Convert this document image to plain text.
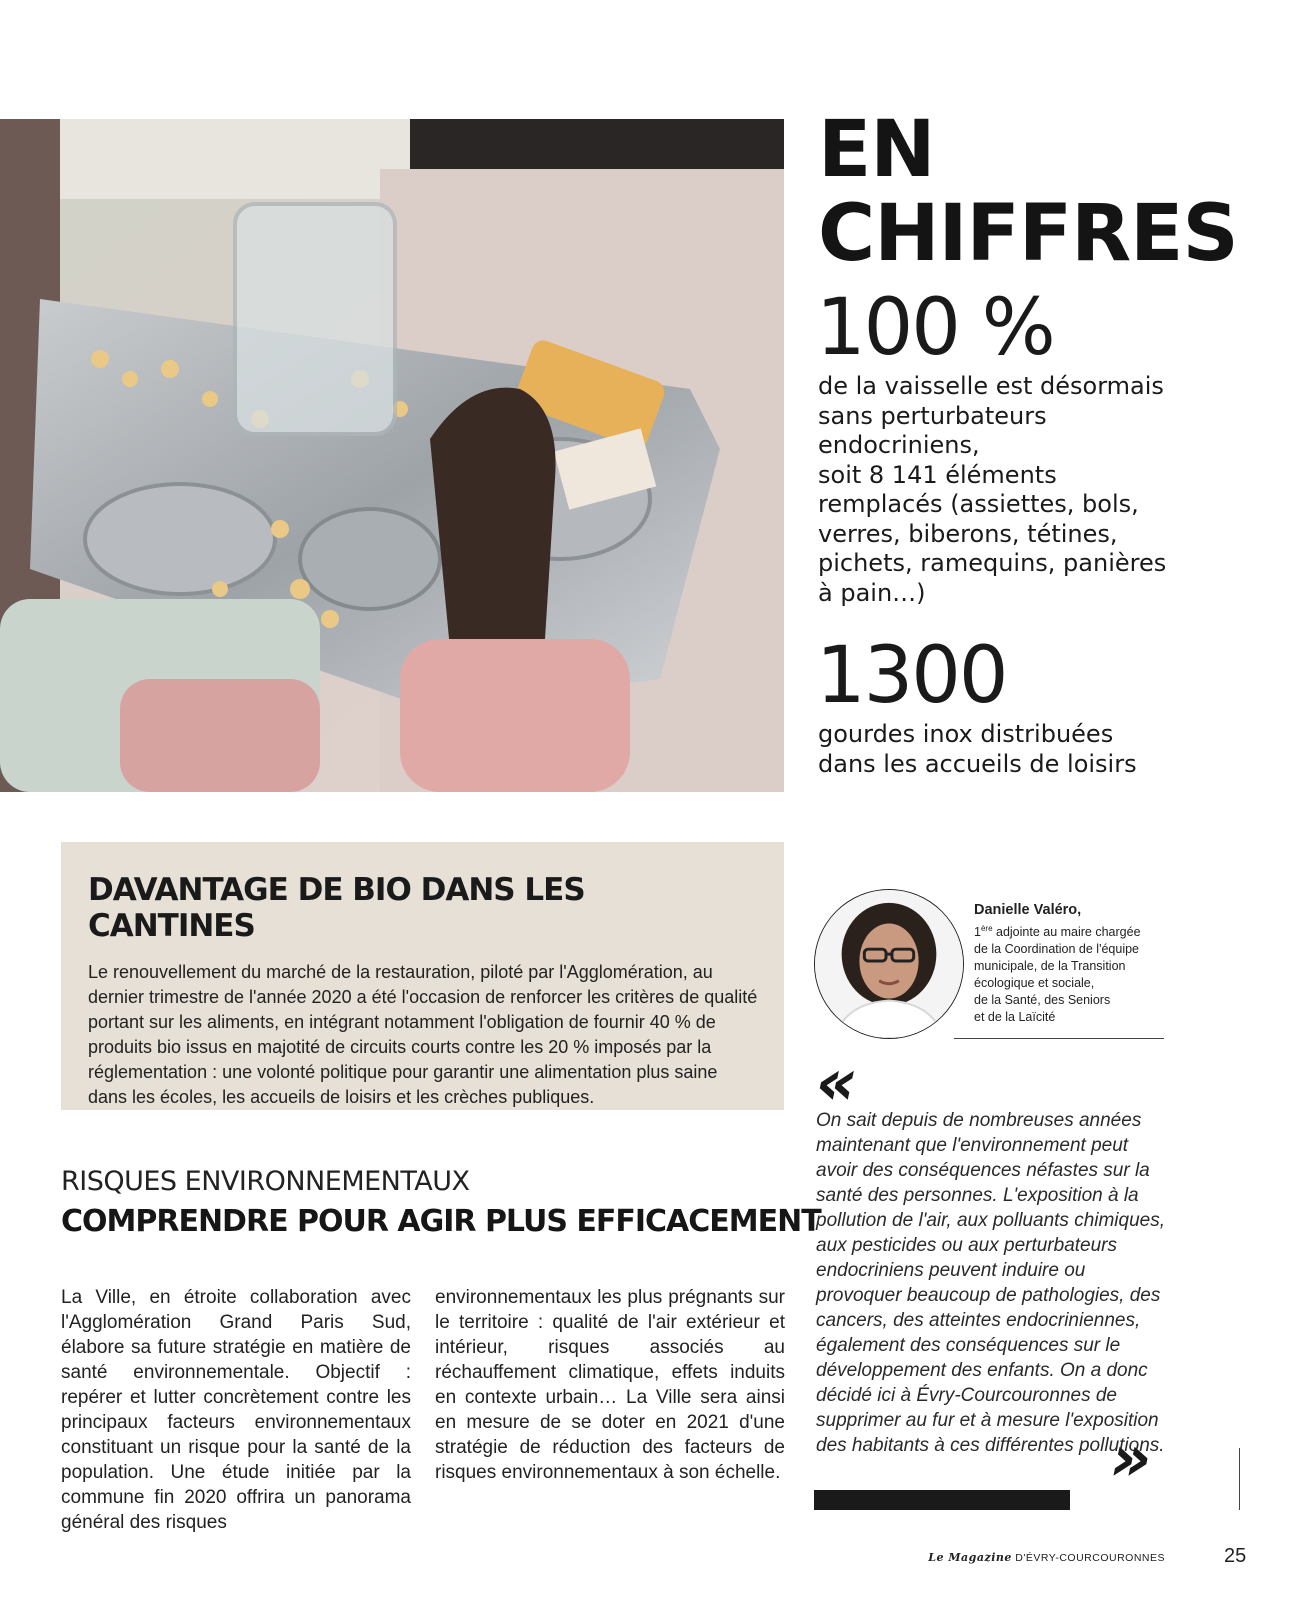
EN
CHIFFRES

100 %

de la vaisselle est désormais
sans perturbateurs
endocriniens,
soit 8 141 éléments
remplacés (assiettes, bols,
verres, biberons, tétines,
pichets, ramequins, panières
à pain…)

1300

gourdes inox distribuées
dans les accueils de loisirs
DAVANTAGE DE BIO DANS LES CANTINES

Le renouvellement du marché de la restauration, piloté par l'Agglomération, au dernier trimestre de l'année 2020 a été l'occasion de renforcer les critères de qualité portant sur les aliments, en intégrant notamment l'obligation de fournir 40 % de produits bio issus en majotité de circuits courts contre les 20 % imposés par la réglementation : une volonté politique pour garantir une alimentation plus saine dans les écoles, les accueils de loisirs et les crèches publiques.

RISQUES ENVIRONNEMENTAUX

COMPRENDRE POUR AGIR PLUS EFFICACEMENT

La Ville, en étroite collaboration avec l'Agglomération Grand Paris Sud, élabore sa future stratégie en matière de santé environnementale. Objectif : repérer et lutter concrètement contre les principaux facteurs environnementaux constituant un risque pour la santé de la population. Une étude initiée par la commune fin 2020 offrira un panorama général des risques

environnementaux les plus prégnants sur le territoire : qualité de l'air extérieur et intérieur, risques associés au réchauffement climatique, effets induits en contexte urbain… La Ville sera ainsi en mesure de se doter en 2021 d'une stratégie de réduction des facteurs de risques environnementaux à son échelle.

Danielle Valéro,

1ère adjointe au maire chargée

de la Coordination de l'équipe

municipale, de la Transition

écologique et sociale,

de la Santé, des Seniors

et de la Laïcité

«

On sait depuis de nombreuses années maintenant que l'environnement peut avoir des conséquences néfastes sur la santé des personnes. L'exposition à la pollution de l'air, aux polluants chimiques, aux pesticides ou aux perturbateurs endocriniens peuvent induire ou provoquer beaucoup de pathologies, des cancers, des atteintes endocriniennes, également des conséquences sur le développement des enfants. On a donc décidé ici à Évry-Courcouronnes de supprimer au fur et à mesure l'exposition des habitants à ces différentes pollutions.

»
Le Magazine D'ÉVRY-COURCOURONNES	25
